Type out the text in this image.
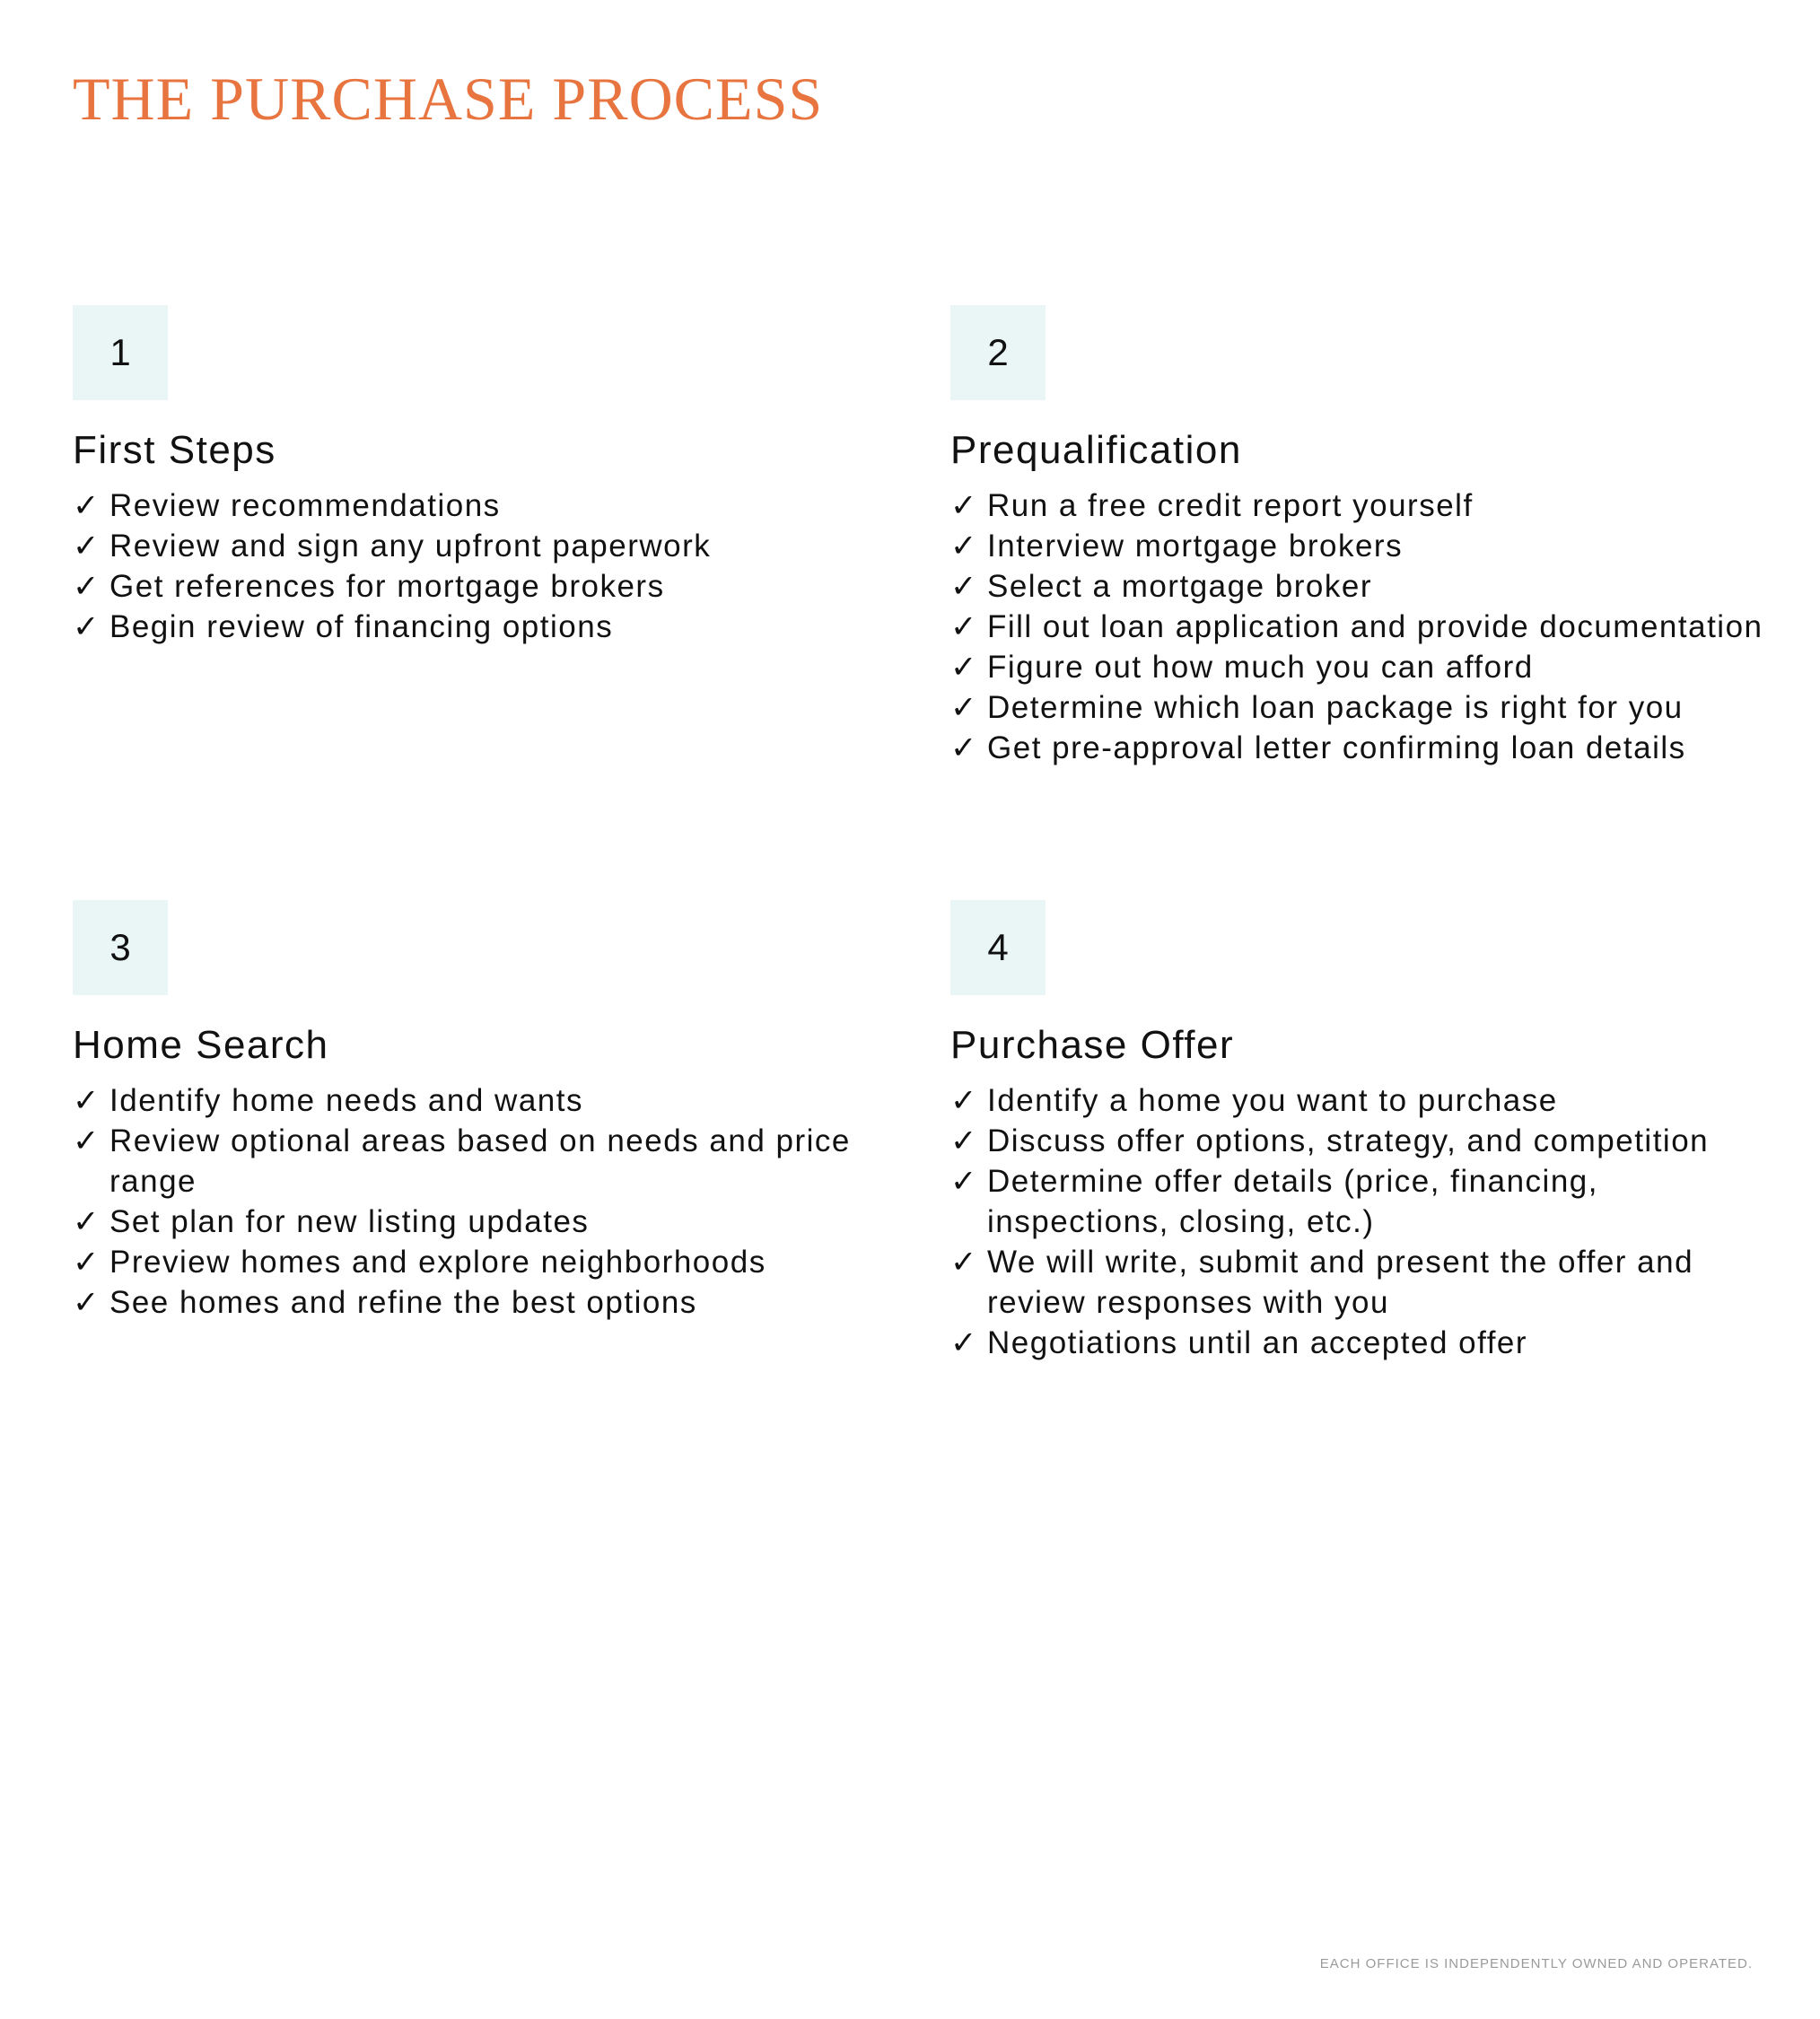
THE PURCHASE PROCESS
1
First Steps
✓ Review recommendations
✓ Review and sign any upfront paperwork
✓ Get references for mortgage brokers
✓ Begin review of financing options
2
Prequalification
✓ Run a free credit report yourself
✓ Interview mortgage brokers
✓ Select a mortgage broker
✓ Fill out loan application and provide documentation
✓ Figure out how much you can afford
✓ Determine which loan package is right for you
✓ Get pre-approval letter confirming loan details
3
Home Search
✓ Identify home needs and wants
✓ Review optional areas based on needs and price range
✓ Set plan for new listing updates
✓ Preview homes and explore neighborhoods
✓ See homes and refine the best options
4
Purchase Offer
✓ Identify a home you want to purchase
✓ Discuss offer options, strategy, and competition
✓ Determine offer details (price, financing, inspections, closing, etc.)
✓ We will write, submit and present the offer and review responses with you
✓ Negotiations until an accepted offer
EACH OFFICE IS INDEPENDENTLY OWNED AND OPERATED.
